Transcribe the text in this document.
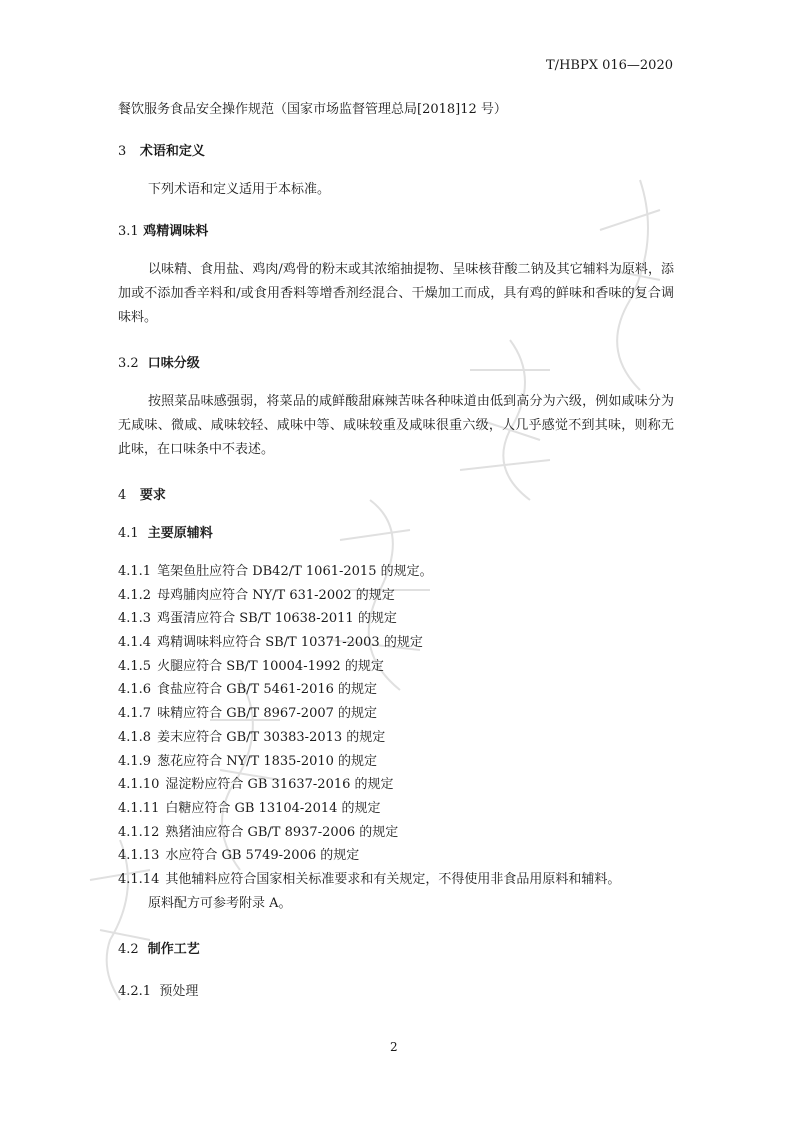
T/HBPX 016—2020
餐饮服务食品安全操作规范（国家市场监督管理总局[2018]12 号）
3 术语和定义

下列术语和定义适用于本标准。

3.1 鸡精调味料

以味精、食用盐、鸡肉/鸡骨的粉末或其浓缩抽提物、呈味核苷酸二钠及其它辅料为原料，添加或不添加香辛料和/或食用香料等增香剂经混合、干燥加工而成，具有鸡的鲜味和香味的复合调味料。

3.2 口味分级

按照菜品味感强弱，将菜品的咸鲜酸甜麻辣苦味各种味道由低到高分为六级，例如咸味分为无咸味、微咸、咸味较轻、咸味中等、咸味较重及咸味很重六级，人几乎感觉不到其味，则称无此味，在口味条中不表述。

4 要求
4.1 主要原辅料
4.1.1 笔架鱼肚应符合 DB42/T 1061-2015 的规定。
4.1.2 母鸡脯肉应符合 NY/T 631-2002 的规定
4.1.3 鸡蛋清应符合 SB/T 10638-2011 的规定
4.1.4 鸡精调味料应符合 SB/T 10371-2003 的规定
4.1.5 火腿应符合 SB/T 10004-1992 的规定
4.1.6 食盐应符合 GB/T 5461-2016 的规定
4.1.7 味精应符合 GB/T 8967-2007 的规定
4.1.8 姜末应符合 GB/T 30383-2013 的规定
4.1.9 葱花应符合 NY/T 1835-2010 的规定
4.1.10 湿淀粉应符合 GB 31637-2016 的规定
4.1.11 白糖应符合 GB 13104-2014 的规定
4.1.12 熟猪油应符合 GB/T 8937-2006 的规定
4.1.13 水应符合 GB 5749-2006 的规定
4.1.14 其他辅料应符合国家相关标准要求和有关规定，不得使用非食品用原料和辅料。
原料配方可参考附录 A。
4.2 制作工艺
4.2.1 预处理
2
